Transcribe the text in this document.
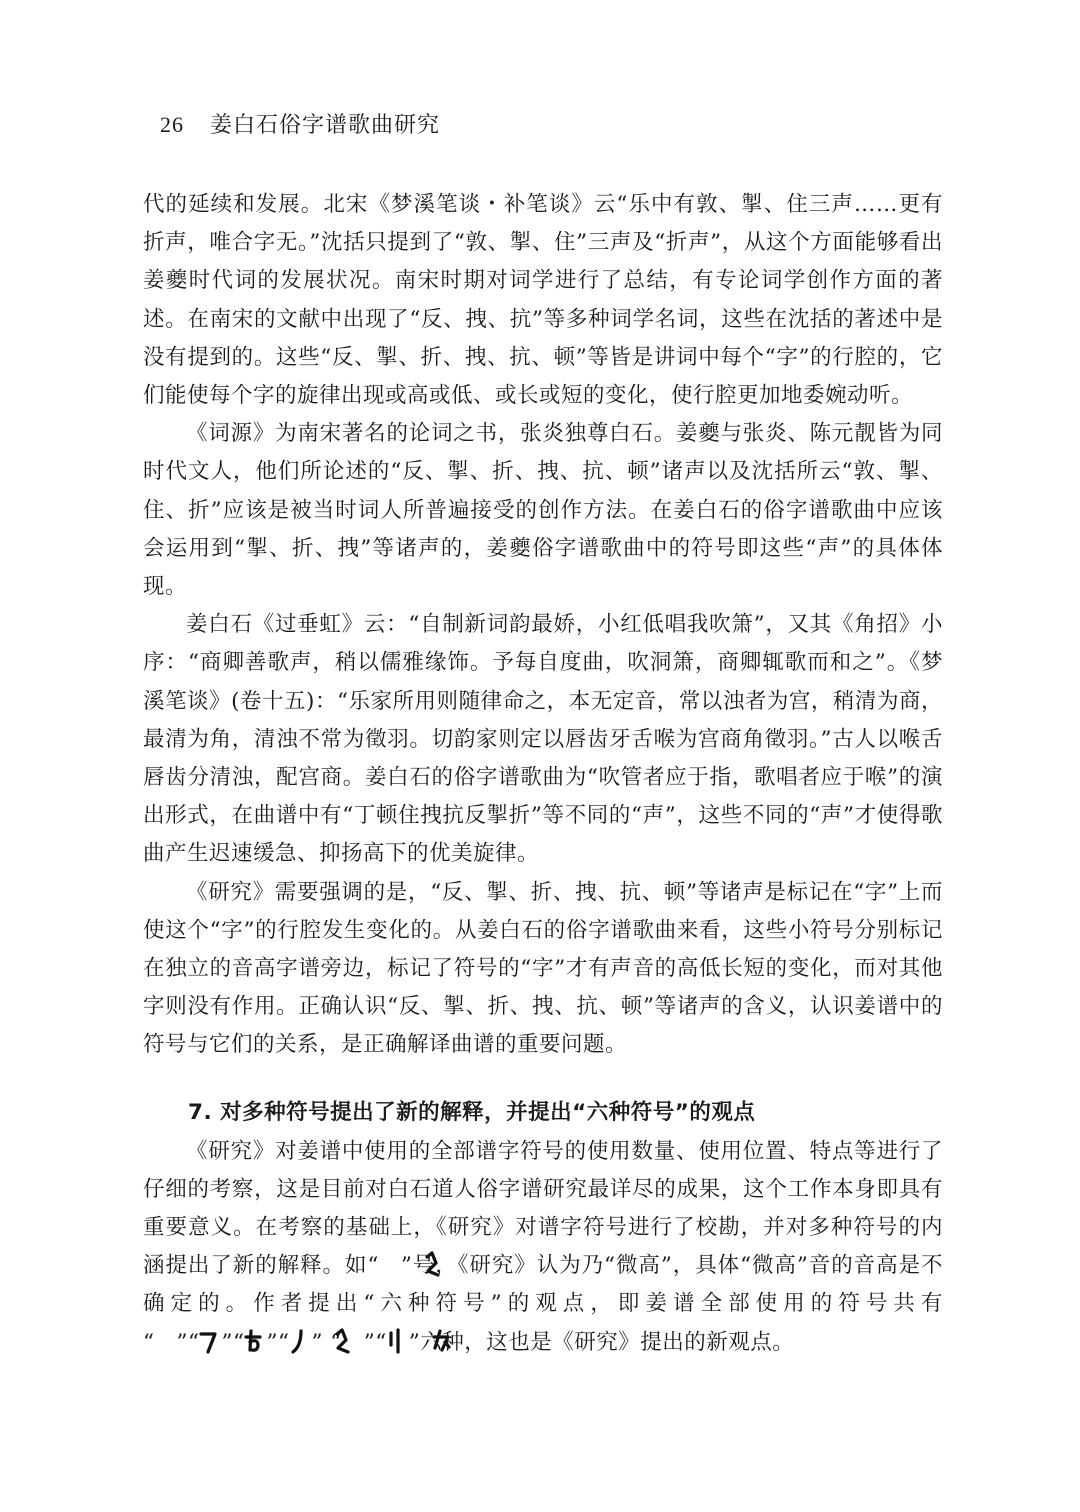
26 姜白石俗字谱歌曲研究

代的延续和发展。北宋《梦溪笔谈・补笔谈》云“乐中有敦、掣、住三声……更有折声，唯合字无。”沈括只提到了“敦、掣、住”三声及“折声”，从这个方面能够看出姜夔时代词的发展状况。南宋时期对词学进行了总结，有专论词学创作方面的著述。在南宋的文献中出现了“反、拽、抗”等多种词学名词，这些在沈括的著述中是没有提到的。这些“反、掣、折、拽、抗、顿”等皆是讲词中每个“字”的行腔的，它们能使每个字的旋律出现或高或低、或长或短的变化，使行腔更加地委婉动听。

《词源》为南宋著名的论词之书，张炎独尊白石。姜夔与张炎、陈元靓皆为同时代文人，他们所论述的“反、掣、折、拽、抗、顿”诸声以及沈括所云“敦、掣、住、折”应该是被当时词人所普遍接受的创作方法。在姜白石的俗字谱歌曲中应该会运用到“掣、折、拽”等诸声的，姜夔俗字谱歌曲中的符号即这些“声”的具体体现。

姜白石《过垂虹》云：“自制新词韵最娇，小红低唱我吹箫”，又其《角招》小序：“商卿善歌声，稍以儒雅缘饰。予每自度曲，吹洞箫，商卿辄歌而和之”。《梦溪笔谈》(卷十五)：“乐家所用则随律命之，本无定音，常以浊者为宫，稍清为商，最清为角，清浊不常为徵羽。切韵家则定以唇齿牙舌喉为宫商角徵羽。”古人以喉舌唇齿分清浊，配宫商。姜白石的俗字谱歌曲为“吹管者应于指，歌唱者应于喉”的演出形式，在曲谱中有“丁顿住拽抗反掣折”等不同的“声”，这些不同的“声”才使得歌曲产生迟速缓急、抑扬高下的优美旋律。

《研究》需要强调的是，“反、掣、折、拽、抗、顿”等诸声是标记在“字”上而使这个“字”的行腔发生变化的。从姜白石的俗字谱歌曲来看，这些小符号分别标记在独立的音高字谱旁边，标记了符号的“字”才有声音的高低长短的变化，而对其他字则没有作用。正确认识“反、掣、折、拽、抗、顿”等诸声的含义，认识姜谱中的符号与它们的关系，是正确解译曲谱的重要问题。

7. 对多种符号提出了新的解释，并提出“六种符号”的观点

《研究》对姜谱中使用的全部谱字符号的使用数量、使用位置、特点等进行了仔细的考察，这是目前对白石道人俗字谱研究最详尽的成果，这个工作本身即具有重要意义。在考察的基础上，《研究》对谱字符号进行了校勘，并对多种符号的内涵提出了新的解释。如“ ”号，《研究》认为乃“微高”，具体“微高”音的音高是不确定的。作者提出“六种符号”的观点，即姜谱全部使用的符号共有 “ ”“ ”“ ”“ ” “ ”“ ”六种，这也是《研究》提出的新观点。
